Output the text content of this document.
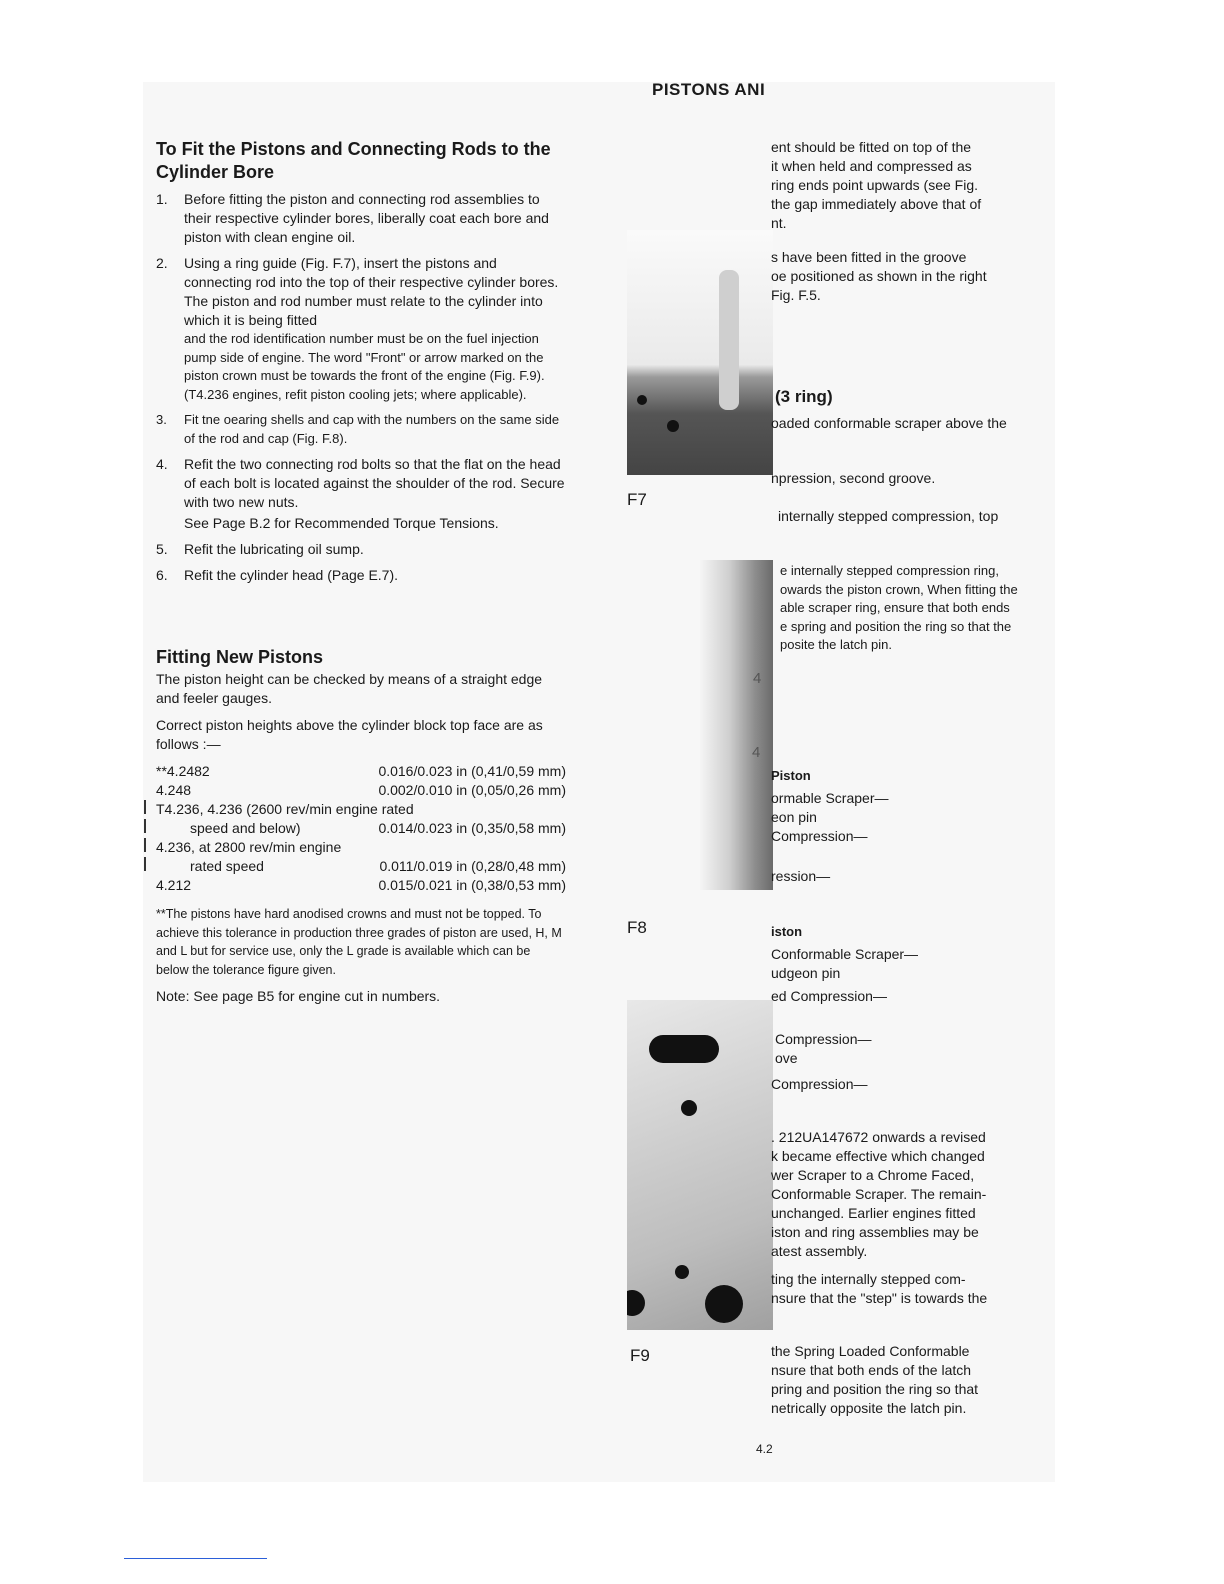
PISTONS ANI
To Fit the Pistons and Connecting Rods to the Cylinder Bore
1.	Before fitting the piston and connecting rod assemblies to their respective cylinder bores, liberally coat each bore and piston with clean engine oil.
2.	Using a ring guide (Fig. F.7), insert the pistons and connecting rod into the top of their respective cylinder bores. The piston and rod number must relate to the cylinder into which it is being fitted
and the rod identification number must be on the fuel injection pump side of engine. The word "Front" or arrow marked on the piston crown must be towards the front of the engine (Fig. F.9). (T4.236 engines, refit piston cooling jets; where applicable).
3.	Fit tne oearing shells and cap with the numbers on the same side of the rod and cap (Fig. F.8).
4.	Refit the two connecting rod bolts so that the flat on the head of each bolt is located against the shoulder of the rod. Secure with two new nuts.
See Page B.2 for Recommended Torque Tensions.
5.	Refit the lubricating oil sump.
6.	Refit the cylinder head (Page E.7).
Fitting New Pistons

The piston height can be checked by means of a straight edge and feeler gauges.

Correct piston heights above the cylinder block top face are as follows :—

**4.2482	0.016/0.023 in (0,41/0,59 mm)
4.248	0.002/0.010 in (0,05/0,26 mm)
T4.236, 4.236 (2600 rev/min engine rated
speed and below)	0.014/0.023 in (0,35/0,58 mm)
4.236, at 2800 rev/min engine
rated speed	0.011/0.019 in (0,28/0,48 mm)
4.212	0.015/0.021 in (0,38/0,53 mm)
**The pistons have hard anodised crowns and must not be topped. To achieve this tolerance in production three grades of piston are used, H, M and L but for service use, only the L grade is available which can be below the tolerance figure given.
Note: See page B5 for engine cut in numbers.
F7
F8
F9
ent should be fitted on top of the
it when held and compressed as
ring ends point upwards (see Fig.
the gap immediately above that of
nt.
s have been fitted in the groove
oe positioned as shown in the right
Fig. F.5.
(3 ring)
oaded conformable scraper above the
npression, second groove.
internally stepped compression, top
e internally stepped compression ring,
owards the piston crown, When fitting the
able scraper ring, ensure that both ends
e spring and position the ring so that the
posite the latch pin.
4
4
Piston
ormable Scraper—
eon pin
Compression—
ression—
iston
Conformable Scraper—
udgeon pin
ed Compression—
Compression—
ove
Compression—
. 212UA147672 onwards a revised
k became effective which changed
wer Scraper to a Chrome Faced,
Conformable Scraper. The remain-
unchanged. Earlier engines fitted
iston and ring assemblies may be
atest assembly.
ting the internally stepped com-
nsure that the "step" is towards the
the Spring Loaded Conformable
nsure that both ends of the latch
pring and position the ring so that
netrically opposite the latch pin.
4.2
